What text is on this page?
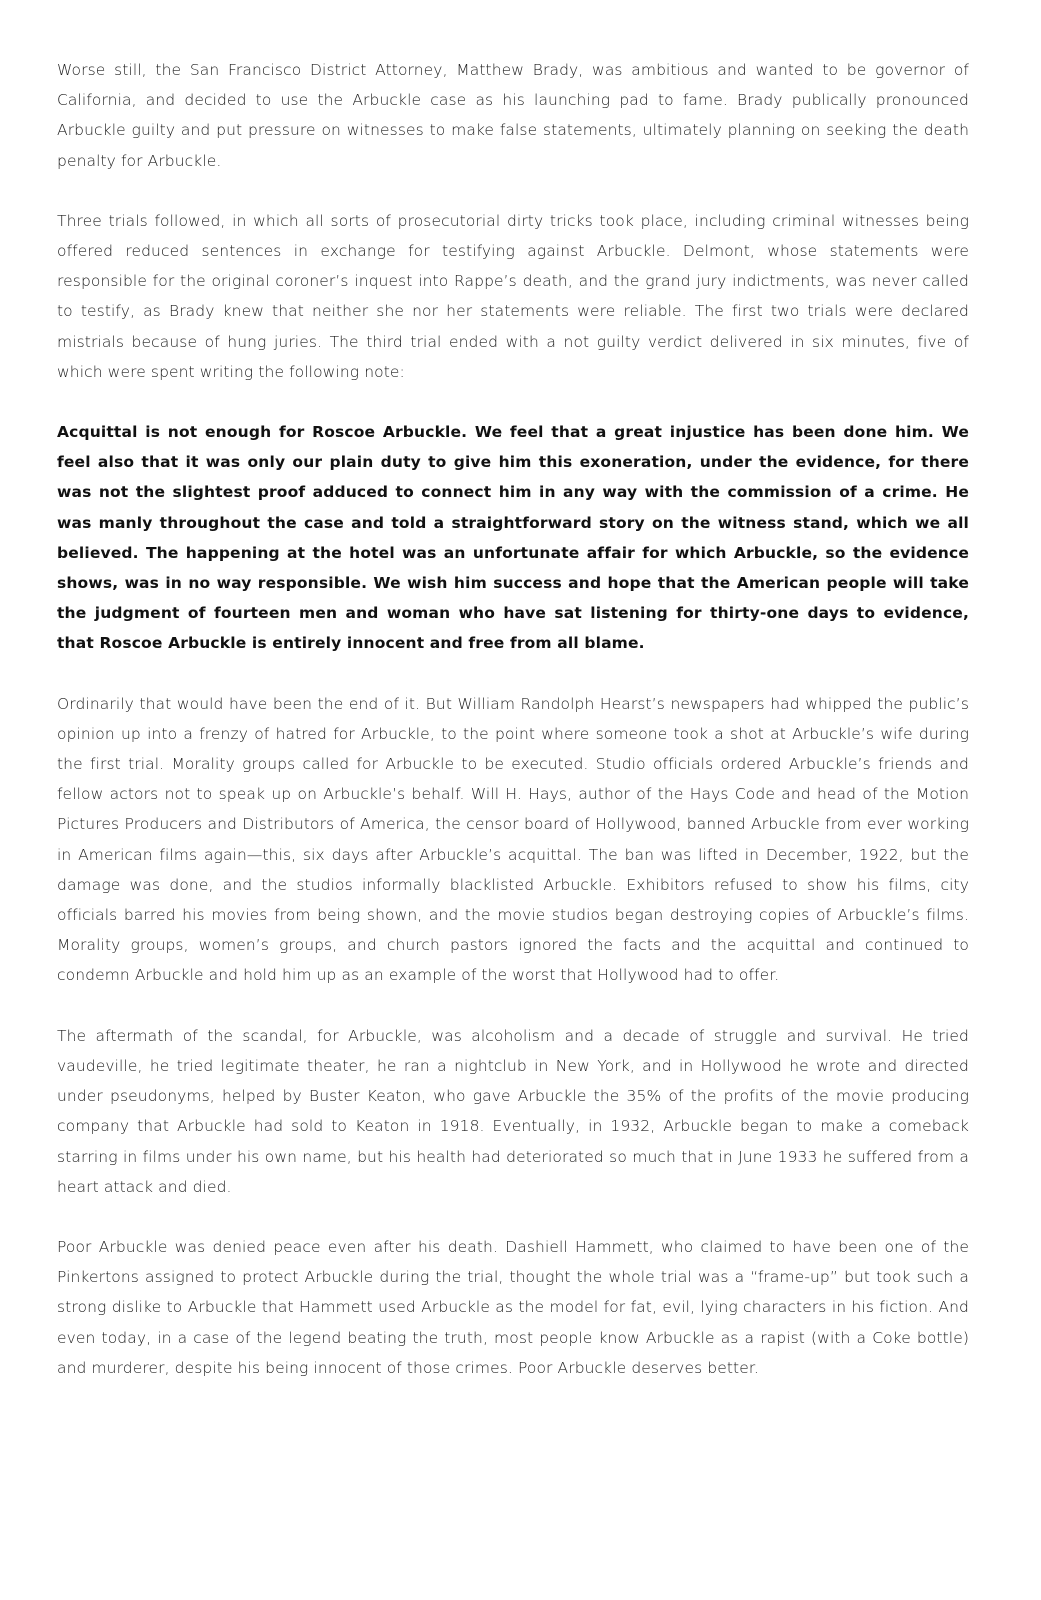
Worse still, the San Francisco District Attorney, Matthew Brady, was ambitious and wanted to be governor of California, and decided to use the Arbuckle case as his launching pad to fame. Brady publically pronounced Arbuckle guilty and put pressure on witnesses to make false statements, ultimately planning on seeking the death penalty for Arbuckle.

Three trials followed, in which all sorts of prosecutorial dirty tricks took place, including criminal witnesses being offered reduced sentences in exchange for testifying against Arbuckle. Delmont, whose statements were responsible for the original coroner’s inquest into Rappe’s death, and the grand jury indictments, was never called to testify, as Brady knew that neither she nor her statements were reliable. The first two trials were declared mistrials because of hung juries. The third trial ended with a not guilty verdict delivered in six minutes, five of which were spent writing the following note:

Acquittal is not enough for Roscoe Arbuckle. We feel that a great injustice has been done him. We feel also that it was only our plain duty to give him this exoneration, under the evidence, for there was not the slightest proof adduced to connect him in any way with the commission of a crime. He was manly throughout the case and told a straightforward story on the witness stand, which we all believed. The happening at the hotel was an unfortunate affair for which Arbuckle, so the evidence shows, was in no way responsible. We wish him success and hope that the American people will take the judgment of fourteen men and woman who have sat listening for thirty-one days to evidence, that Roscoe Arbuckle is entirely innocent and free from all blame.

Ordinarily that would have been the end of it. But William Randolph Hearst’s newspapers had whipped the public’s opinion up into a frenzy of hatred for Arbuckle, to the point where someone took a shot at Arbuckle’s wife during the first trial. Morality groups called for Arbuckle to be executed. Studio officials ordered Arbuckle’s friends and fellow actors not to speak up on Arbuckle’s behalf. Will H. Hays, author of the Hays Code and head of the Motion Pictures Producers and Distributors of America, the censor board of Hollywood, banned Arbuckle from ever working in American films again—this, six days after Arbuckle’s acquittal. The ban was lifted in December, 1922, but the damage was done, and the studios informally blacklisted Arbuckle. Exhibitors refused to show his films, city officials barred his movies from being shown, and the movie studios began destroying copies of Arbuckle’s films. Morality groups, women’s groups, and church pastors ignored the facts and the acquittal and continued to condemn Arbuckle and hold him up as an example of the worst that Hollywood had to offer.

The aftermath of the scandal, for Arbuckle, was alcoholism and a decade of struggle and survival. He tried vaudeville, he tried legitimate theater, he ran a nightclub in New York, and in Hollywood he wrote and directed under pseudonyms, helped by Buster Keaton, who gave Arbuckle the 35% of the profits of the movie producing company that Arbuckle had sold to Keaton in 1918. Eventually, in 1932, Arbuckle began to make a comeback starring in films under his own name, but his health had deteriorated so much that in June 1933 he suffered from a heart attack and died.

Poor Arbuckle was denied peace even after his death. Dashiell Hammett, who claimed to have been one of the Pinkertons assigned to protect Arbuckle during the trial, thought the whole trial was a “frame-up” but took such a strong dislike to Arbuckle that Hammett used Arbuckle as the model for fat, evil, lying characters in his fiction. And even today, in a case of the legend beating the truth, most people know Arbuckle as a rapist (with a Coke bottle) and murderer, despite his being innocent of those crimes. Poor Arbuckle deserves better.
